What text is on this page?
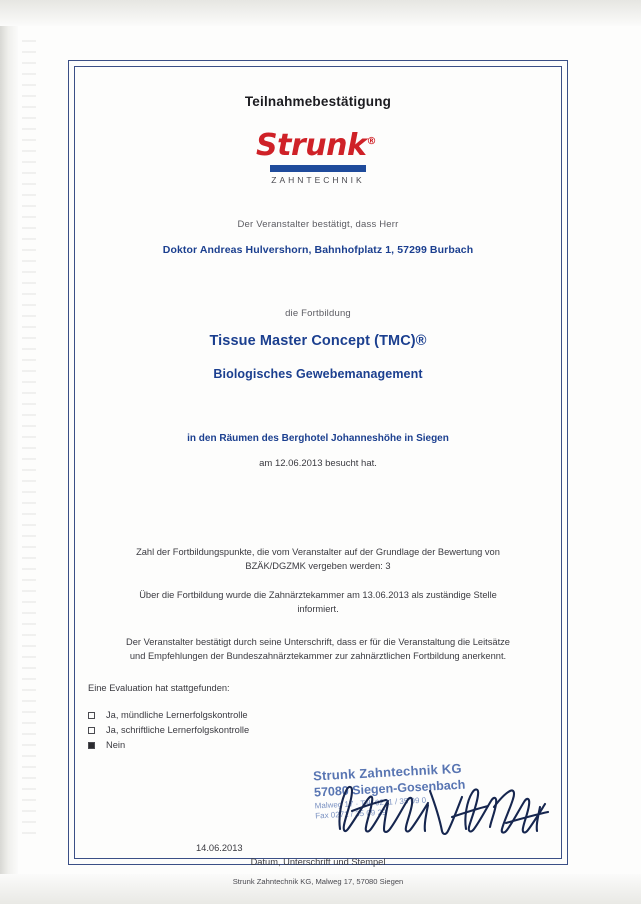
Teilnahmebestätigung
Strunk®
ZAHNTECHNIK
Der Veranstalter bestätigt, dass Herr
Doktor Andreas Hulvershorn, Bahnhofplatz 1, 57299 Burbach
die Fortbildung
Tissue Master Concept (TMC)®
Biologisches Gewebemanagement
in den Räumen des Berghotel Johanneshöhe in Siegen
am 12.06.2013 besucht hat.
Zahl der Fortbildungspunkte, die vom Veranstalter auf der Grundlage der Bewertung von
BZÄK/DGZMK vergeben werden: 3
Über die Fortbildung wurde die Zahnärztekammer am 13.06.2013 als zuständige Stelle
informiert.
Der Veranstalter bestätigt durch seine Unterschrift, dass er für die Veranstaltung die Leitsätze
und Empfehlungen der Bundeszahnärztekammer zur zahnärztlichen Fortbildung anerkennt.
Eine Evaluation hat stattgefunden:
Ja, mündliche Lernerfolgskontrolle
Ja, schriftliche Lernerfolgskontrolle
Nein
Strunk Zahntechnik KG
57080 Siegen-Gosenbach
Malweg 17 · Tel. 0271 / 35 09 0
Fax 0271 / 35 09 29
14.06.2013
Datum, Unterschrift und Stempel
Strunk Zahntechnik KG, Malweg 17, 57080 Siegen
